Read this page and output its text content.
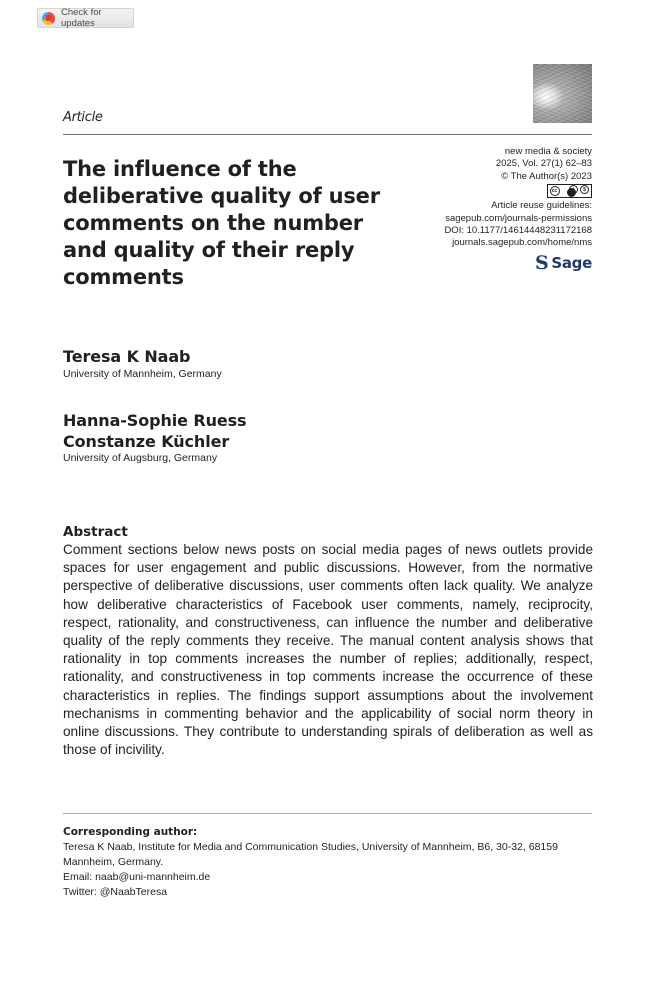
Check for updates
Article
The influence of the deliberative quality of user comments on the number and quality of their reply comments
new media & society
2025, Vol. 27(1) 62–83
© The Author(s) 2023
cc	$
Article reuse guidelines:
sagepub.com/journals-permissions
DOI: 10.1177/14614448231172168
journals.sagepub.com/home/nms
S Sage
Teresa K Naab
University of Mannheim, Germany
Hanna-Sophie Ruess
Constanze Küchler
University of Augsburg, Germany
Abstract

Comment sections below news posts on social media pages of news outlets provide spaces for user engagement and public discussions. However, from the normative perspective of deliberative discussions, user comments often lack quality. We analyze how deliberative characteristics of Facebook user comments, namely, reciprocity, respect, rationality, and constructiveness, can influence the number and deliberative quality of the reply comments they receive. The manual content analysis shows that rationality in top comments increases the number of replies; additionally, respect, rationality, and constructiveness in top comments increase the occurrence of these characteristics in replies. The findings support assumptions about the involvement mechanisms in commenting behavior and the applicability of social norm theory in online discussions. They contribute to understanding spirals of deliberation as well as those of incivility.

Corresponding author:
Teresa K Naab, Institute for Media and Communication Studies, University of Mannheim, B6, 30-32, 68159 Mannheim, Germany.
Email: naab@uni-mannheim.de
Twitter: @NaabTeresa
